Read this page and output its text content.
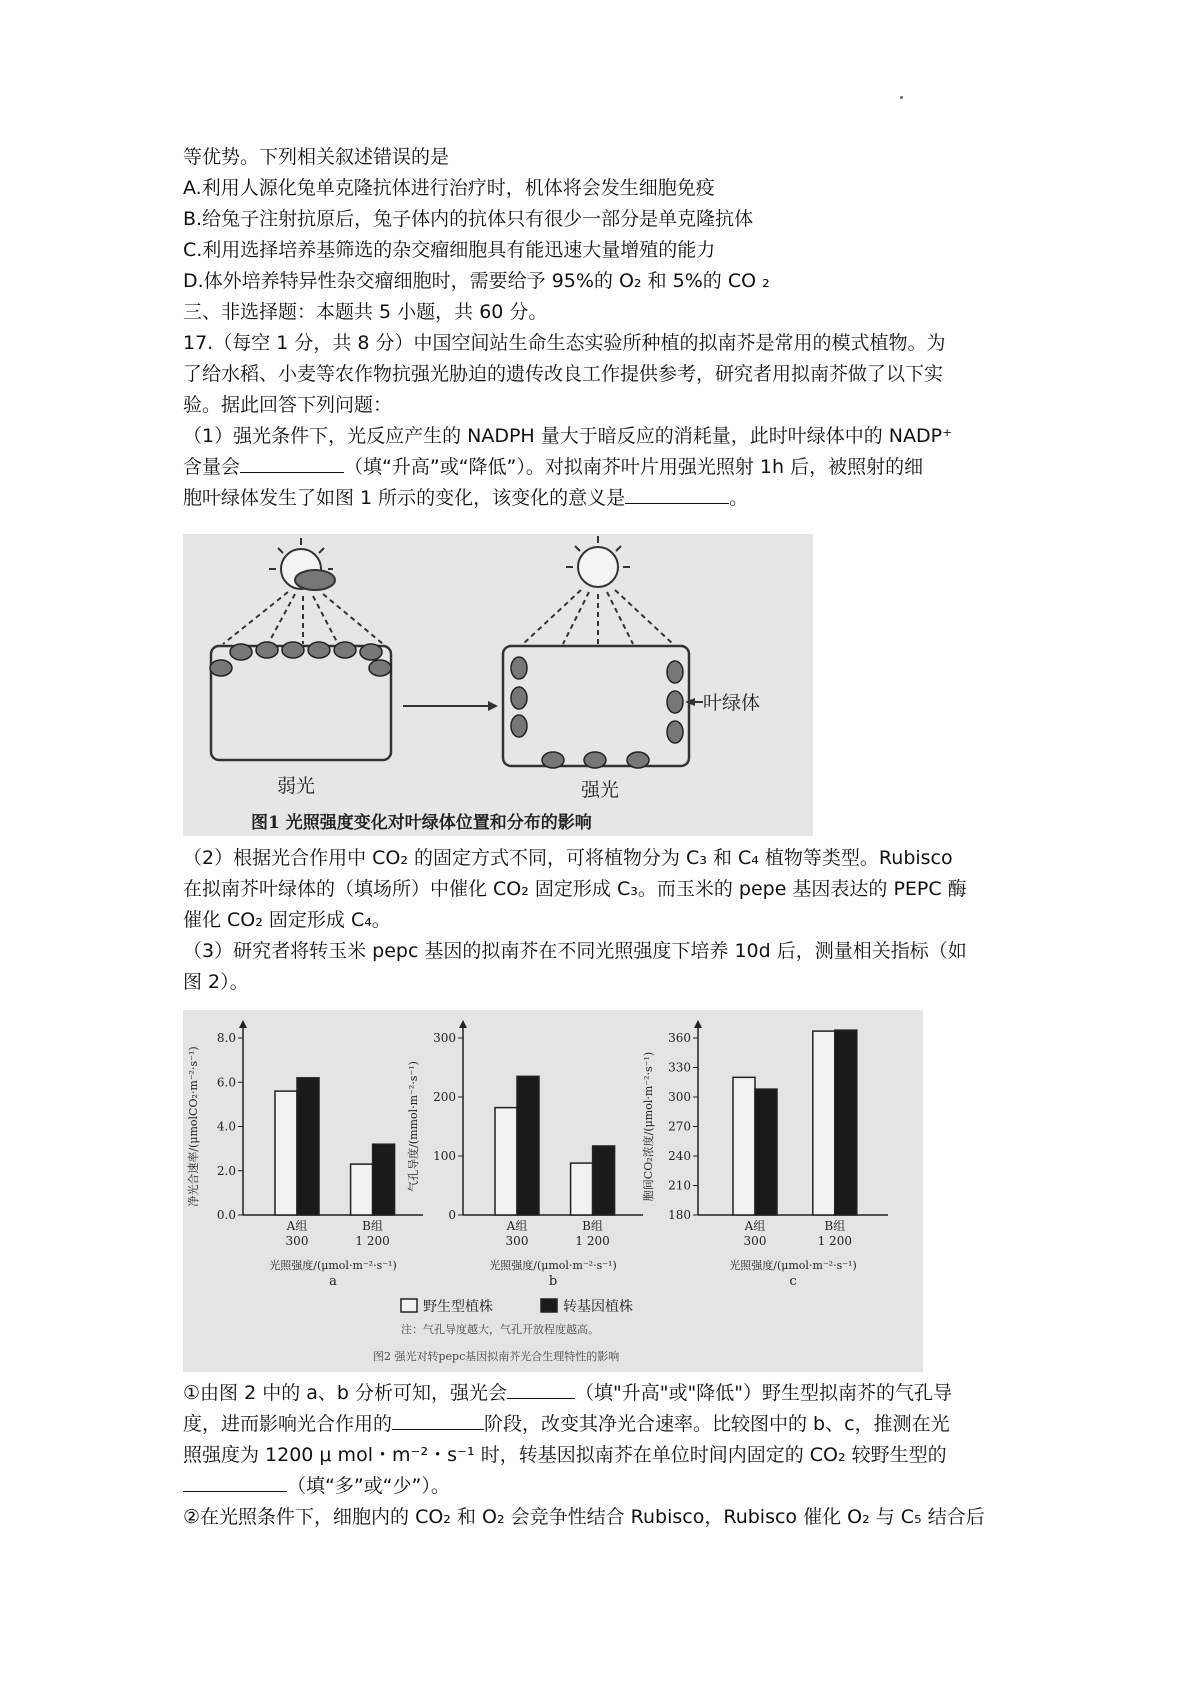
等优势。下列相关叙述错误的是
A.利用人源化兔单克隆抗体进行治疗时，机体将会发生细胞免疫
B.给兔子注射抗原后，兔子体内的抗体只有很少一部分是单克隆抗体
C.利用选择培养基筛选的杂交瘤细胞具有能迅速大量增殖的能力
D.体外培养特异性杂交瘤细胞时，需要给予 95%的 O₂ 和 5%的 CO ₂
三、非选择题：本题共 5 小题，共 60 分。
17.（每空 1 分，共 8 分）中国空间站生命生态实验所种植的拟南芥是常用的模式植物。为
了给水稻、小麦等农作物抗强光胁迫的遗传改良工作提供参考，研究者用拟南芥做了以下实
验。据此回答下列问题：
（1）强光条件下，光反应产生的 NADPH 量大于暗反应的消耗量，此时叶绿体中的 NADP⁺
含量会	（填“升高”或“降低”）。对拟南芥叶片用强光照射 1h 后，被照射的细
胞叶绿体发生了如图 1 所示的变化，该变化的意义是	。
叶绿体
弱光	强光
图1 光照强度变化对叶绿体位置和分布的影响
（2）根据光合作用中 CO₂ 的固定方式不同，可将植物分为 C₃ 和 C₄ 植物等类型。Rubisco
在拟南芥叶绿体的（填场所）中催化 CO₂ 固定形成 C₃。而玉米的 pepe 基因表达的 PEPC 酶
催化 CO₂ 固定形成 C₄。
（3）研究者将转玉米 pepc 基因的拟南芥在不同光照强度下培养 10d 后，测量相关指标（如
图 2）。
0.0
2.0
4.0
6.0
8.0
净光合速率/(μmolCO₂·m⁻²·s⁻¹)
A组
300
B组
1 200
光照强度/(μmol·m⁻²·s⁻¹)
a
0
100
200
300
气孔导度/(mmol·m⁻²·s⁻¹)
A组
300
B组
1 200
光照强度/(μmol·m⁻²·s⁻¹)
b
180
210
240
270
300
330
360
胞间CO₂浓度/(μmol·m⁻²·s⁻¹)
A组
300
B组
1 200
光照强度/(μmol·m⁻²·s⁻¹)
c
野生型植株	转基因植株
注：气孔导度越大，气孔开放程度越高。
图2 强光对转pepc基因拟南芥光合生理特性的影响
①由图 2 中的 a、b 分析可知，强光会	（填"升高"或"降低"）野生型拟南芥的气孔导
度，进而影响光合作用的	阶段，改变其净光合速率。比较图中的 b、c，推测在光
照强度为 1200 μ mol・m⁻²・s⁻¹ 时，转基因拟南芥在单位时间内固定的 CO₂ 较野生型的
（填“多”或“少”）。
②在光照条件下，细胞内的 CO₂ 和 O₂ 会竞争性结合 Rubisco，Rubisco 催化 O₂ 与 C₅ 结合后
